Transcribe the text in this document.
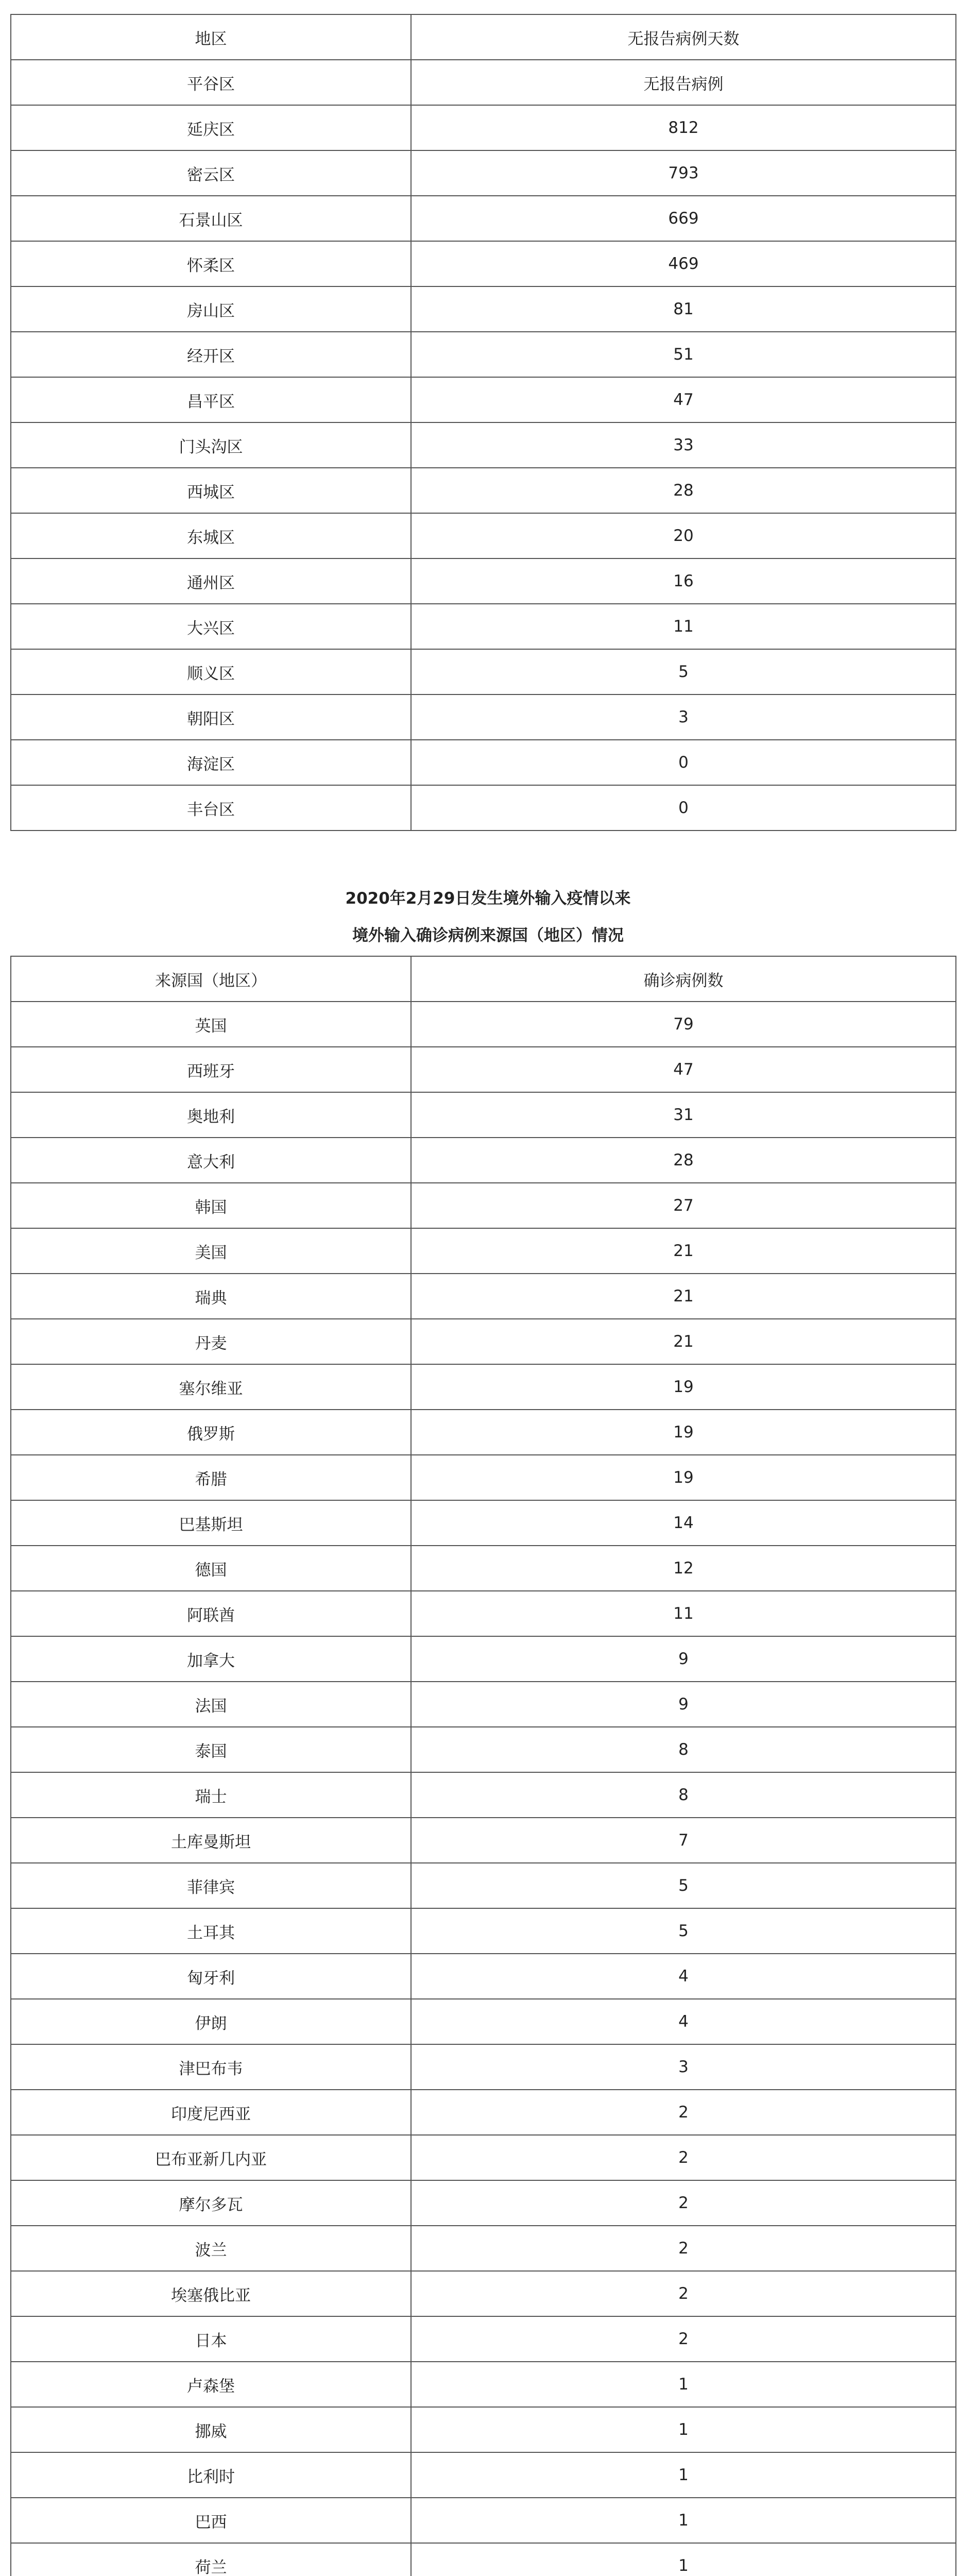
地区	无报告病例天数
平谷区	无报告病例
延庆区	812
密云区	793
石景山区	669
怀柔区	469
房山区	81
经开区	51
昌平区	47
门头沟区	33
西城区	28
东城区	20
通州区	16
大兴区	11
顺义区	5
朝阳区	3
海淀区	0
丰台区	0
2020年2月29日发生境外输入疫情以来
境外输入确诊病例来源国（地区）情况
来源国（地区）	确诊病例数
英国	79
西班牙	47
奥地利	31
意大利	28
韩国	27
美国	21
瑞典	21
丹麦	21
塞尔维亚	19
俄罗斯	19
希腊	19
巴基斯坦	14
德国	12
阿联酋	11
加拿大	9
法国	9
泰国	8
瑞士	8
土库曼斯坦	7
菲律宾	5
土耳其	5
匈牙利	4
伊朗	4
津巴布韦	3
印度尼西亚	2
巴布亚新几内亚	2
摩尔多瓦	2
波兰	2
埃塞俄比亚	2
日本	2
卢森堡	1
挪威	1
比利时	1
巴西	1
荷兰	1
